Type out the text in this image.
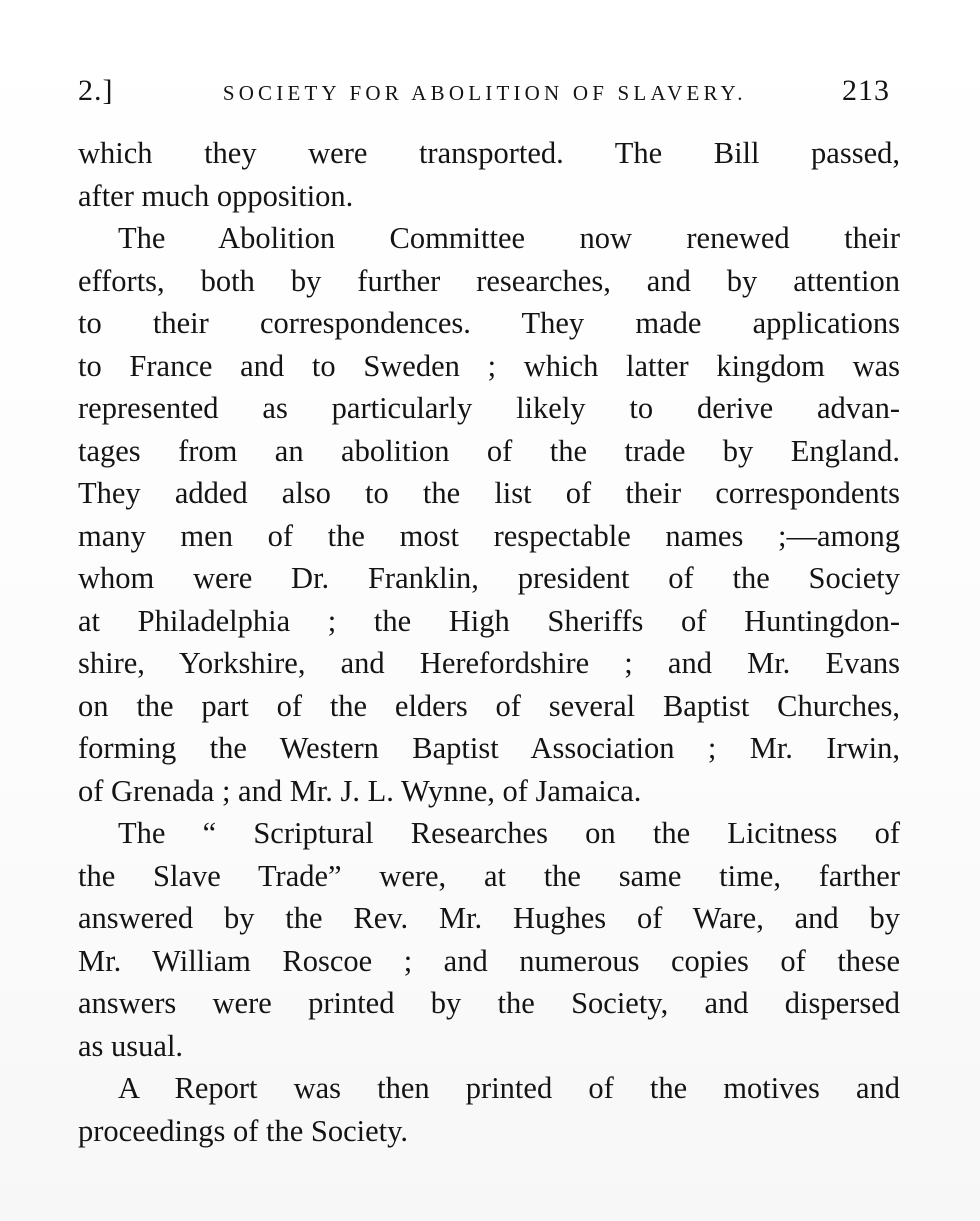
2.]	SOCIETY FOR ABOLITION OF SLAVERY.	213
which they were transported. The Bill passed,
after much opposition.
The Abolition Committee now renewed their
efforts, both by further researches, and by attention
to their correspondences. They made applications
to France and to Sweden ; which latter kingdom was
represented as particularly likely to derive advan-
tages from an abolition of the trade by England.
They added also to the list of their correspondents
many men of the most respectable names ;—among
whom were Dr. Franklin, president of the Society
at Philadelphia ; the High Sheriffs of Huntingdon-
shire, Yorkshire, and Herefordshire ; and Mr. Evans
on the part of the elders of several Baptist Churches,
forming the Western Baptist Association ; Mr. Irwin,
of Grenada ; and Mr. J. L. Wynne, of Jamaica.
The “ Scriptural Researches on the Licitness of
the Slave Trade” were, at the same time, farther
answered by the Rev. Mr. Hughes of Ware, and by
Mr. William Roscoe ; and numerous copies of these
answers were printed by the Society, and dispersed
as usual.
A Report was then printed of the motives and
proceedings of the Society.
